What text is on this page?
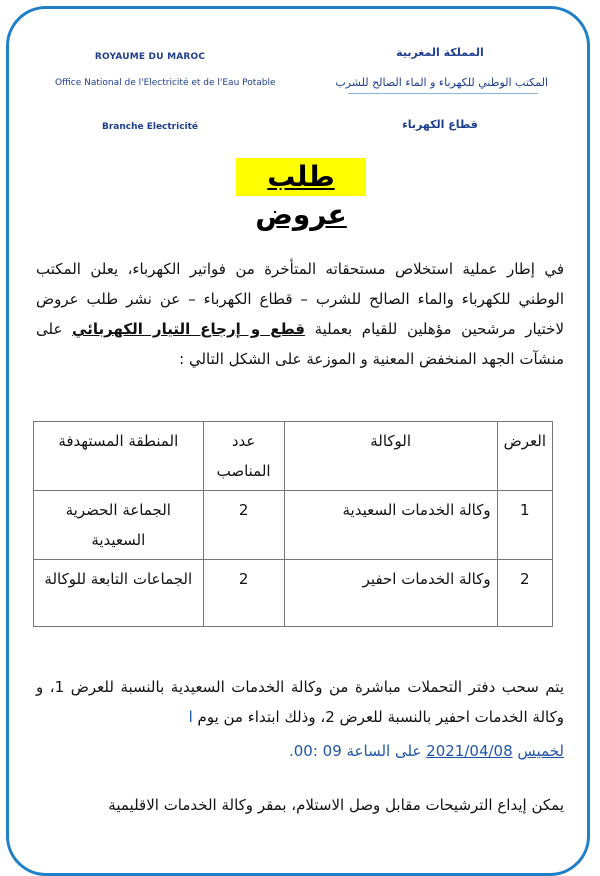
ROYAUME DU MAROC
Office National de l'Electricité et de l'Eau Potable
Branche Electricité
المملكة المغربية
المكتب الوطني للكهرباء و الماء الصالح للشرب
قطاع الكهرباء
طلب عروض
في إطار عملية استخلاص مستحقاته المتأخرة من فواتير الكهرباء، يعلن المكتب الوطني للكهرباء والماء الصالح للشرب – قطاع الكهرباء – عن نشر طلب عروض لاختيار مرشحين مؤهلين للقيام بعملية قطع و إرجاع التيار الكهربائي على منشآت الجهد المنخفض المعنية و الموزعة على الشكل التالي :
العرض	الوكالة	عدد المناصب	المنطقة المستهدفة
1	وكالة الخدمات السعيدية	2	الجماعة الحضرية السعيدية
2	وكالة الخدمات احفير	2	الجماعات التابعة للوكالة
يتم سحب دفتر التحملات مباشرة من وكالة الخدمات السعيدية بالنسبة للعرض 1، و وكالة الخدمات احفير بالنسبة للعرض 2، وذلك ابتداء من يوم ا
لخميس 2021/04/08 على الساعة 09 :00.
يمكن إيداع الترشيحات مقابل وصل الاستلام، بمقر وكالة الخدمات الاقليمية
